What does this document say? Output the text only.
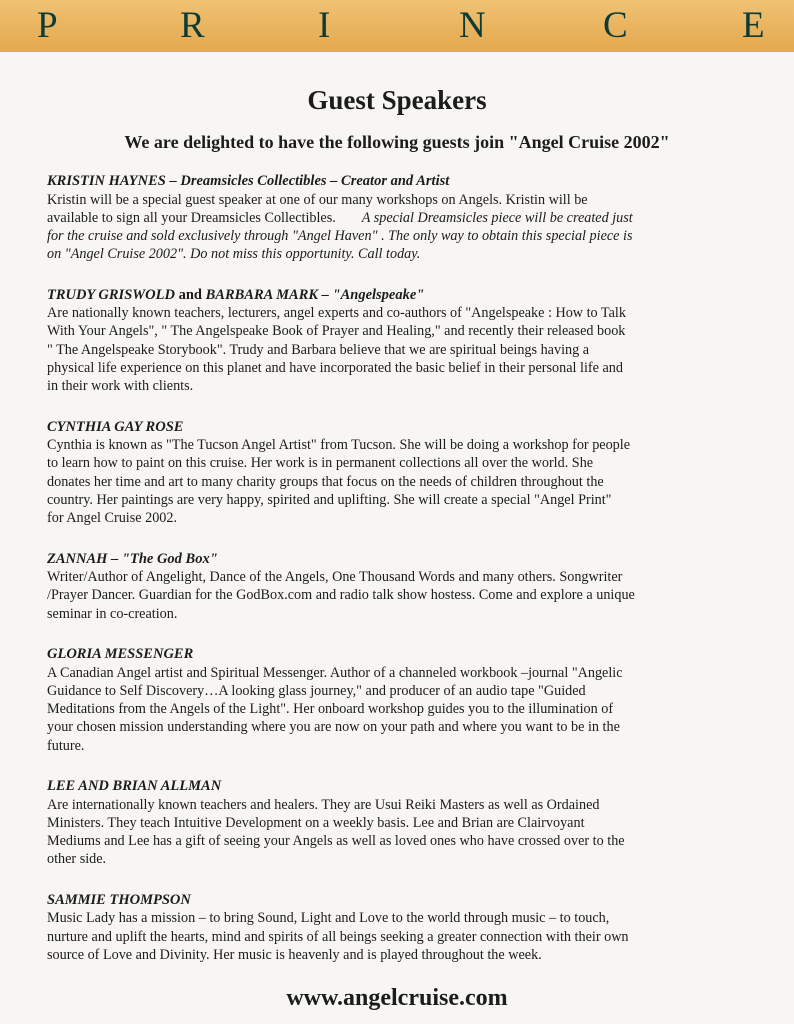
P	R	I	N	C	E
Guest Speakers
We are delighted to have the following guests join "Angel Cruise 2002"
KRISTIN HAYNES – Dreamsicles Collectibles – Creator and Artist
Kristin will be a special guest speaker at one of our many workshops on Angels. Kristin will be
available to sign all your Dreamsicles Collectibles. A special Dreamsicles piece will be created just
for the cruise and sold exclusively through "Angel Haven" . The only way to obtain this special piece is
on "Angel Cruise 2002". Do not miss this opportunity. Call today.
TRUDY GRISWOLD and BARBARA MARK – "Angelspeake"
Are nationally known teachers, lecturers, angel experts and co-authors of "Angelspeake : How to Talk
With Your Angels", " The Angelspeake Book of Prayer and Healing," and recently their released book
" The Angelspeake Storybook". Trudy and Barbara believe that we are spiritual beings having a
physical life experience on this planet and have incorporated the basic belief in their personal life and
in their work with clients.
CYNTHIA GAY ROSE
Cynthia is known as "The Tucson Angel Artist" from Tucson. She will be doing a workshop for people
to learn how to paint on this cruise. Her work is in permanent collections all over the world. She
donates her time and art to many charity groups that focus on the needs of children throughout the
country. Her paintings are very happy, spirited and uplifting. She will create a special "Angel Print"
for Angel Cruise 2002.
ZANNAH – "The God Box"
Writer/Author of Angelight, Dance of the Angels, One Thousand Words and many others. Songwriter
/Prayer Dancer. Guardian for the GodBox.com and radio talk show hostess. Come and explore a unique
seminar in co-creation.
GLORIA MESSENGER
A Canadian Angel artist and Spiritual Messenger. Author of a channeled workbook –journal "Angelic
Guidance to Self Discovery…A looking glass journey," and producer of an audio tape "Guided
Meditations from the Angels of the Light". Her onboard workshop guides you to the illumination of
your chosen mission understanding where you are now on your path and where you want to be in the
future.
LEE AND BRIAN ALLMAN
Are internationally known teachers and healers. They are Usui Reiki Masters as well as Ordained
Ministers. They teach Intuitive Development on a weekly basis. Lee and Brian are Clairvoyant
Mediums and Lee has a gift of seeing your Angels as well as loved ones who have crossed over to the
other side.
SAMMIE THOMPSON
Music Lady has a mission – to bring Sound, Light and Love to the world through music – to touch,
nurture and uplift the hearts, mind and spirits of all beings seeking a greater connection with their own
source of Love and Divinity. Her music is heavenly and is played throughout the week.
www.angelcruise.com
